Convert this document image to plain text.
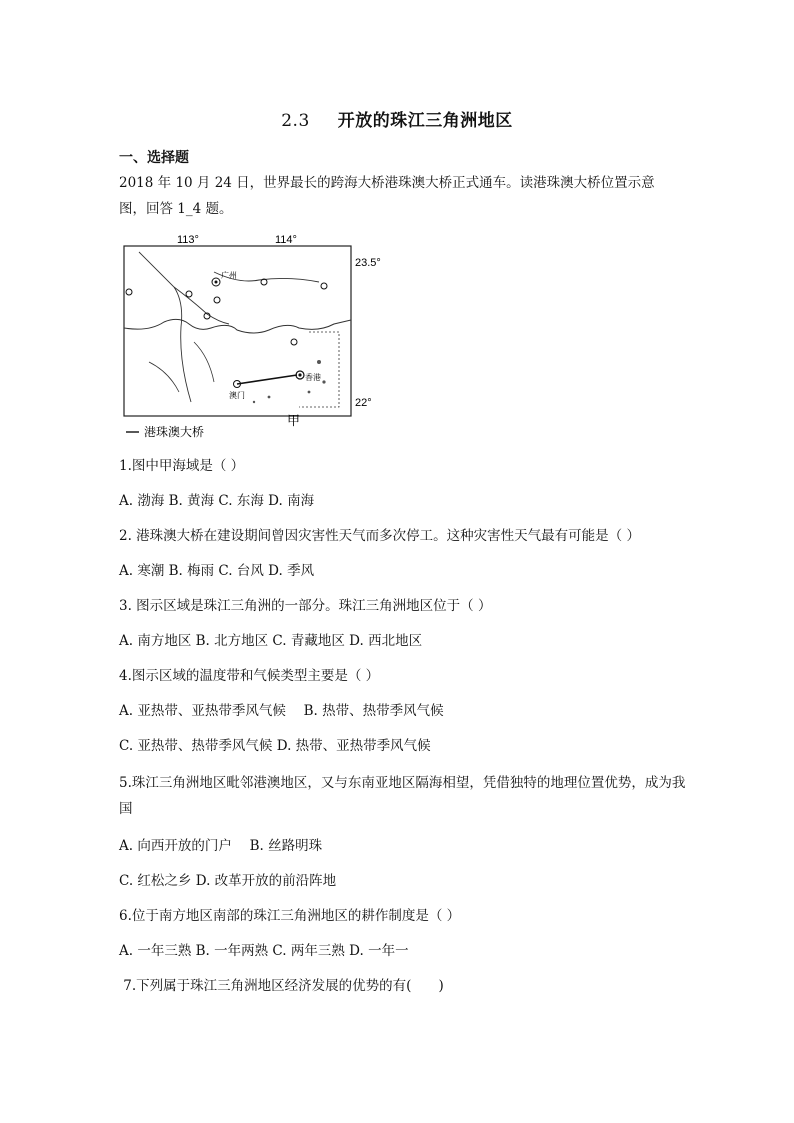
2.3 开放的珠江三角洲地区
一、选择题
2018 年 10 月 24 日，世界最长的跨海大桥港珠澳大桥正式通车。读港珠澳大桥位置示意图，回答 1_4 题。
113°	114°
23.5°
22°
广州
澳门
香港
甲
港珠澳大桥
1.图中甲海域是（ ）
A. 渤海 B. 黄海 C. 东海 D. 南海
2. 港珠澳大桥在建设期间曾因灾害性天气而多次停工。这种灾害性天气最有可能是（ ）
A. 寒潮 B. 梅雨 C. 台风 D. 季风
3. 图示区域是珠江三角洲的一部分。珠江三角洲地区位于（ ）
A. 南方地区 B. 北方地区 C. 青藏地区 D. 西北地区
4.图示区域的温度带和气候类型主要是（ ）
A. 亚热带、亚热带季风气候　 B. 热带、热带季风气候
C. 亚热带、热带季风气候 D. 热带、亚热带季风气候
5.珠江三角洲地区毗邻港澳地区，又与东南亚地区隔海相望，凭借独特的地理位置优势，成为我国
A. 向西开放的门户　 B. 丝路明珠
C. 红松之乡 D. 改革开放的前沿阵地
6.位于南方地区南部的珠江三角洲地区的耕作制度是（ ）
A. 一年三熟 B. 一年两熟 C. 两年三熟 D. 一年一
7.下列属于珠江三角洲地区经济发展的优势的有(　　)
